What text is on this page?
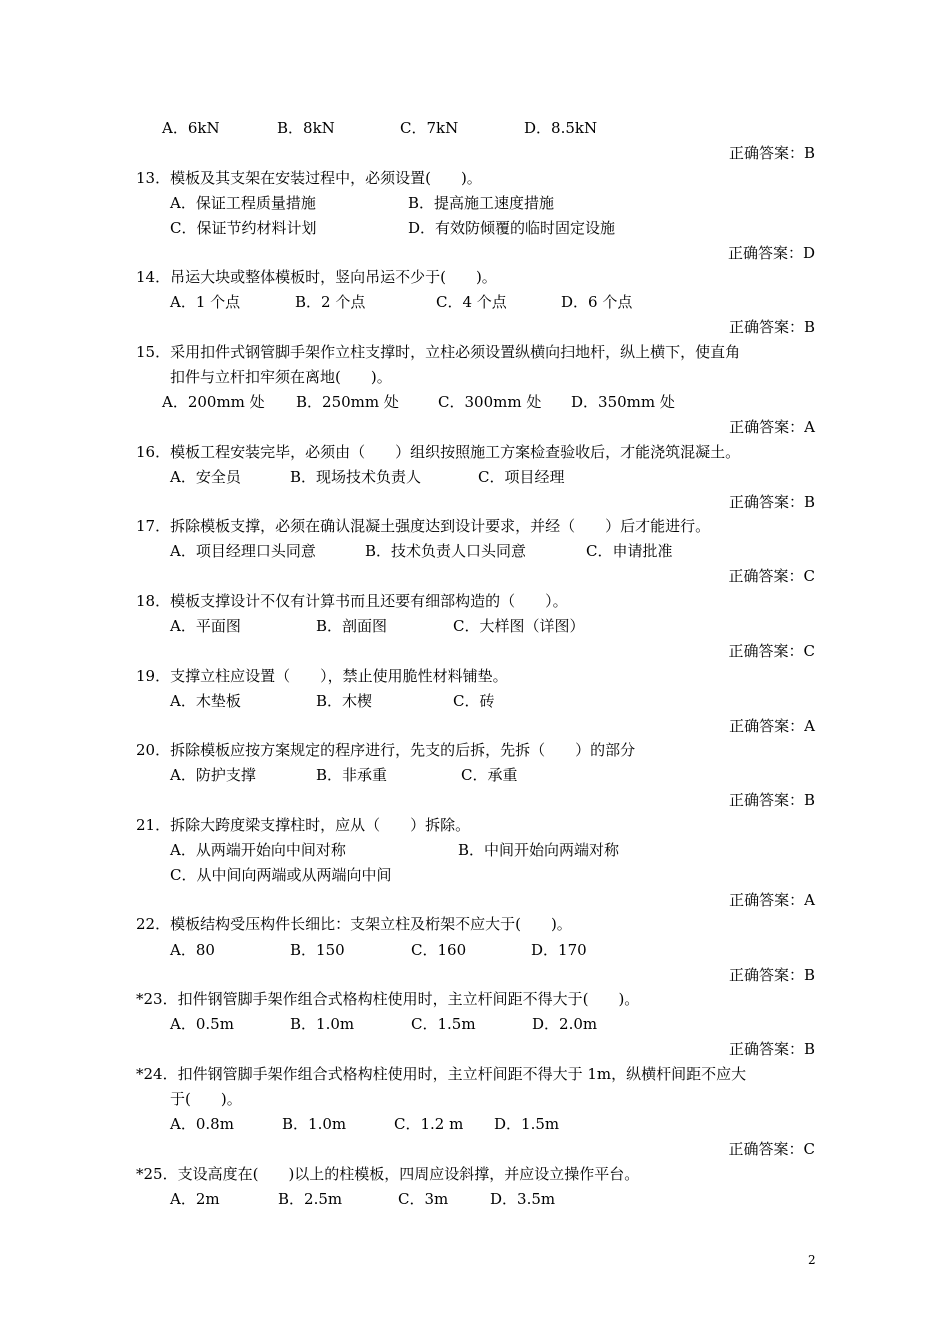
A．6kN	B．8kN	C．7kN	D．8.5kN
正确答案：B
13．模板及其支架在安装过程中，必须设置(　　)。
A．保证工程质量措施	B．提高施工速度措施
C．保证节约材料计划	D．有效防倾覆的临时固定设施
正确答案：D
14．吊运大块或整体模板时，竖向吊运不少于(　　)。
A．1 个点	B．2 个点	C．4 个点	D．6 个点
正确答案：B
15．采用扣件式钢管脚手架作立柱支撑时，立柱必须设置纵横向扫地杆，纵上横下，使直角
扣件与立杆扣牢须在离地(　　)。
A．200mm 处 B．250mm 处	C．300mm 处 D．350mm 处
正确答案：A
16．模板工程安装完毕，必须由（　　）组织按照施工方案检查验收后，才能浇筑混凝土。
A．安全员	B．现场技术负责人	C．项目经理
正确答案：B
17．拆除模板支撑，必须在确认混凝土强度达到设计要求，并经（　　）后才能进行。
A．项目经理口头同意	B．技术负责人口头同意	C．申请批准
正确答案：C
18．模板支撑设计不仅有计算书而且还要有细部构造的（　　）。
A．平面图	B．剖面图	C．大样图（详图）
正确答案：C
19．支撑立柱应设置（　　），禁止使用脆性材料铺垫。
A．木垫板	B．木楔	C．砖
正确答案：A
20．拆除模板应按方案规定的程序进行，先支的后拆，先拆（　　）的部分
A．防护支撑	B．非承重	C．承重
正确答案：B
21．拆除大跨度梁支撑柱时，应从（　　）拆除。
A．从两端开始向中间对称	B．中间开始向两端对称
C．从中间向两端或从两端向中间
正确答案：A
22．模板结构受压构件长细比：支架立柱及桁架不应大于(　　)。
A．80	B．150	C．160	D．170
正确答案：B
*23．扣件钢管脚手架作组合式格构柱使用时，主立杆间距不得大于(　　)。
A．0.5m	B．1.0m	C．1.5m	D．2.0m
正确答案：B
*24．扣件钢管脚手架作组合式格构柱使用时，主立杆间距不得大于 1m，纵横杆间距不应大
于(　　)。
A．0.8m	B．1.0m	C．1.2 m D．1.5m
正确答案：C
*25．支设高度在(　　)以上的柱模板，四周应设斜撑，并应设立操作平台。
A．2m	B．2.5m	C．3m	D．3.5m
2
